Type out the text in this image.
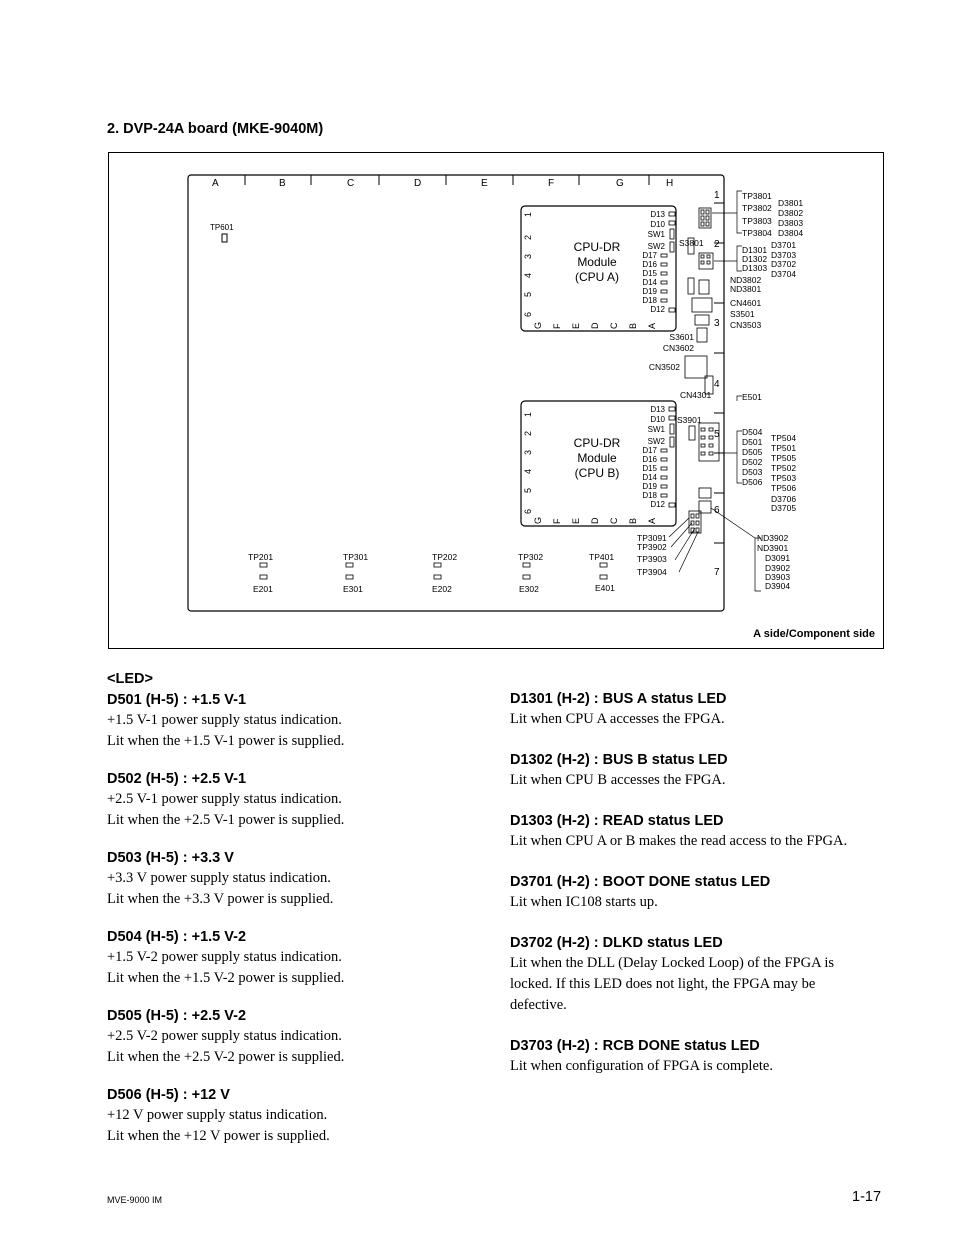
2. DVP-24A board (MKE-9040M)
A	B	C	D	E	F	G	H
1
2
3
4
5
6
7
TP601
CPU-DR
Module
(CPU A)
1
2
3
4
5
6
G F E D C B A
D13
D10
SW1
SW2
D17
D16
D15
D14
D19
D18
D12
CPU-DR
Module
(CPU B)
1
2
3
4
5
6
G F E D C B A
D13
D10
SW1
SW2
D17
D16
D15
D14
D19
D18
D12
TP3801
TP3802
TP3803
TP3804
D3801
D3802
D3803
D3804
D1301
D1302
D1303
D3701
D3703
D3702
D3704
ND3802
ND3801
CN4601
S3501
CN3503
S3801
S3901
S3601
CN3602
CN3502
CN4301	E501
D504
D501
D505
D502
D503
D506
TP504
TP501
TP505
TP502
TP503
TP506
D3706
D3705
ND3902
ND3901
D3091
D3902
D3903
D3904
TP3091
TP3902
TP3903
TP3904
TP201	TP301	TP202	TP302	TP401
E201	E301	E202	E302	E401
A side/Component side

<LED>

D501 (H-5) : +1.5 V-1

+1.5 V-1 power supply status indication.

Lit when the +1.5 V-1 power is supplied.

D502 (H-5) : +2.5 V-1

+2.5 V-1 power supply status indication.

Lit when the +2.5 V-1 power is supplied.

D503 (H-5) : +3.3 V

+3.3 V power supply status indication.

Lit when the +3.3 V power is supplied.

D504 (H-5) : +1.5 V-2

+1.5 V-2 power supply status indication.

Lit when the +1.5 V-2 power is supplied.

D505 (H-5) : +2.5 V-2

+2.5 V-2 power supply status indication.

Lit when the +2.5 V-2 power is supplied.

D506 (H-5) : +12 V

+12 V power supply status indication.

Lit when the +12 V power is supplied.

D1301 (H-2) : BUS A status LED

Lit when CPU A accesses the FPGA.

D1302 (H-2) : BUS B status LED

Lit when CPU B accesses the FPGA.

D1303 (H-2) : READ status LED

Lit when CPU A or B makes the read access to the FPGA.

D3701 (H-2) : BOOT DONE status LED

Lit when IC108 starts up.

D3702 (H-2) : DLKD status LED

Lit when the DLL (Delay Locked Loop) of the FPGA is

locked. If this LED does not light, the FPGA may be

defective.

D3703 (H-2) : RCB DONE status LED

Lit when configuration of FPGA is complete.

MVE-9000 IM	1-17
